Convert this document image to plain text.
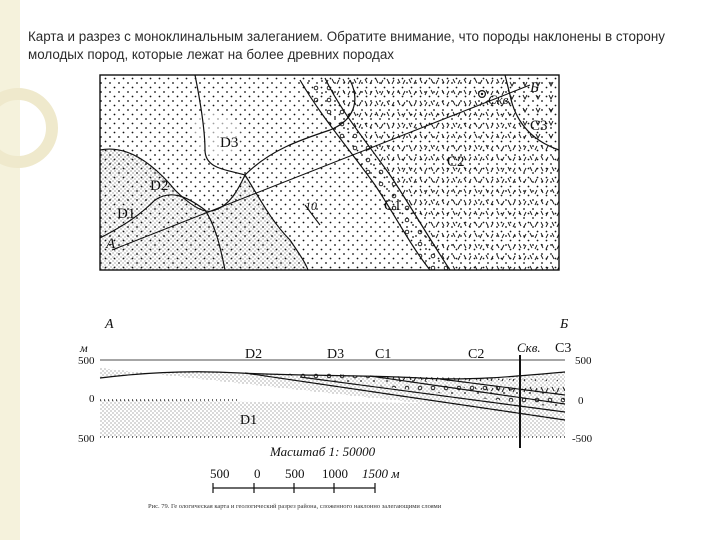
Карта и разрез с моноклинальным залеганием. Обратите внимание, что породы наклонены в сторону молодых пород, которые лежат на более древних породах
D3
D2
D1
C2
C1
C3
A
Б
Скв.
10
A	Б
м
500
0
500
D2	D3 C1	C2	Скв. C3
500
0
-500
D1
Масштаб 1: 50000
500 0 500 1000 1500 м
Рис. 79. Ге ологическая карта и геологический разрез района, сложенного наклонно залегающими слоями
